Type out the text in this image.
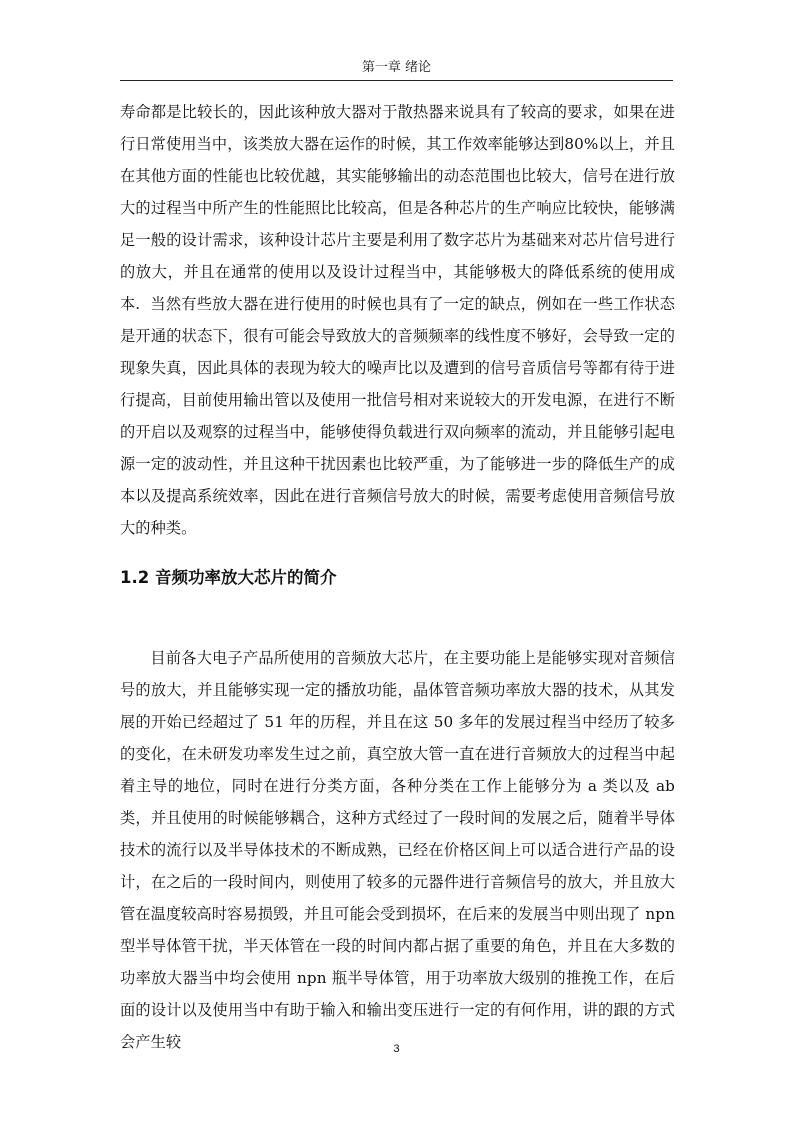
第一章 绪论

寿命都是比较长的，因此该种放大器对于散热器来说具有了较高的要求，如果在进行日常使用当中，该类放大器在运作的时候，其工作效率能够达到80%以上，并且在其他方面的性能也比较优越，其实能够输出的动态范围也比较大，信号在进行放大的过程当中所产生的性能照比比较高，但是各种芯片的生产响应比较快，能够满足一般的设计需求，该种设计芯片主要是利用了数字芯片为基础来对芯片信号进行的放大，并且在通常的使用以及设计过程当中，其能够极大的降低系统的使用成本. 当然有些放大器在进行使用的时候也具有了一定的缺点，例如在一些工作状态是开通的状态下，很有可能会导致放大的音频频率的线性度不够好，会导致一定的现象失真，因此具体的表现为较大的噪声比以及遭到的信号音质信号等都有待于进行提高，目前使用输出管以及使用一批信号相对来说较大的开发电源，在进行不断的开启以及观察的过程当中，能够使得负载进行双向频率的流动，并且能够引起电源一定的波动性，并且这种干扰因素也比较严重，为了能够进一步的降低生产的成本以及提高系统效率，因此在进行音频信号放大的时候，需要考虑使用音频信号放大的种类。

1.2 音频功率放大芯片的简介

目前各大电子产品所使用的音频放大芯片，在主要功能上是能够实现对音频信号的放大，并且能够实现一定的播放功能，晶体管音频功率放大器的技术，从其发展的开始已经超过了 51 年的历程，并且在这 50 多年的发展过程当中经历了较多的变化，在未研发功率发生过之前，真空放大管一直在进行音频放大的过程当中起着主导的地位，同时在进行分类方面，各种分类在工作上能够分为 a 类以及 ab 类，并且使用的时候能够耦合，这种方式经过了一段时间的发展之后，随着半导体技术的流行以及半导体技术的不断成熟，已经在价格区间上可以适合进行产品的设计，在之后的一段时间内，则使用了较多的元器件进行音频信号的放大，并且放大管在温度较高时容易损毁，并且可能会受到损坏，在后来的发展当中则出现了 npn 型半导体管干扰，半天体管在一段的时间内都占据了重要的角色，并且在大多数的功率放大器当中均会使用 npn 瓶半导体管，用于功率放大级别的推挽工作，在后面的设计以及使用当中有助于输入和输出变压进行一定的有何作用，讲的跟的方式会产生较	3
